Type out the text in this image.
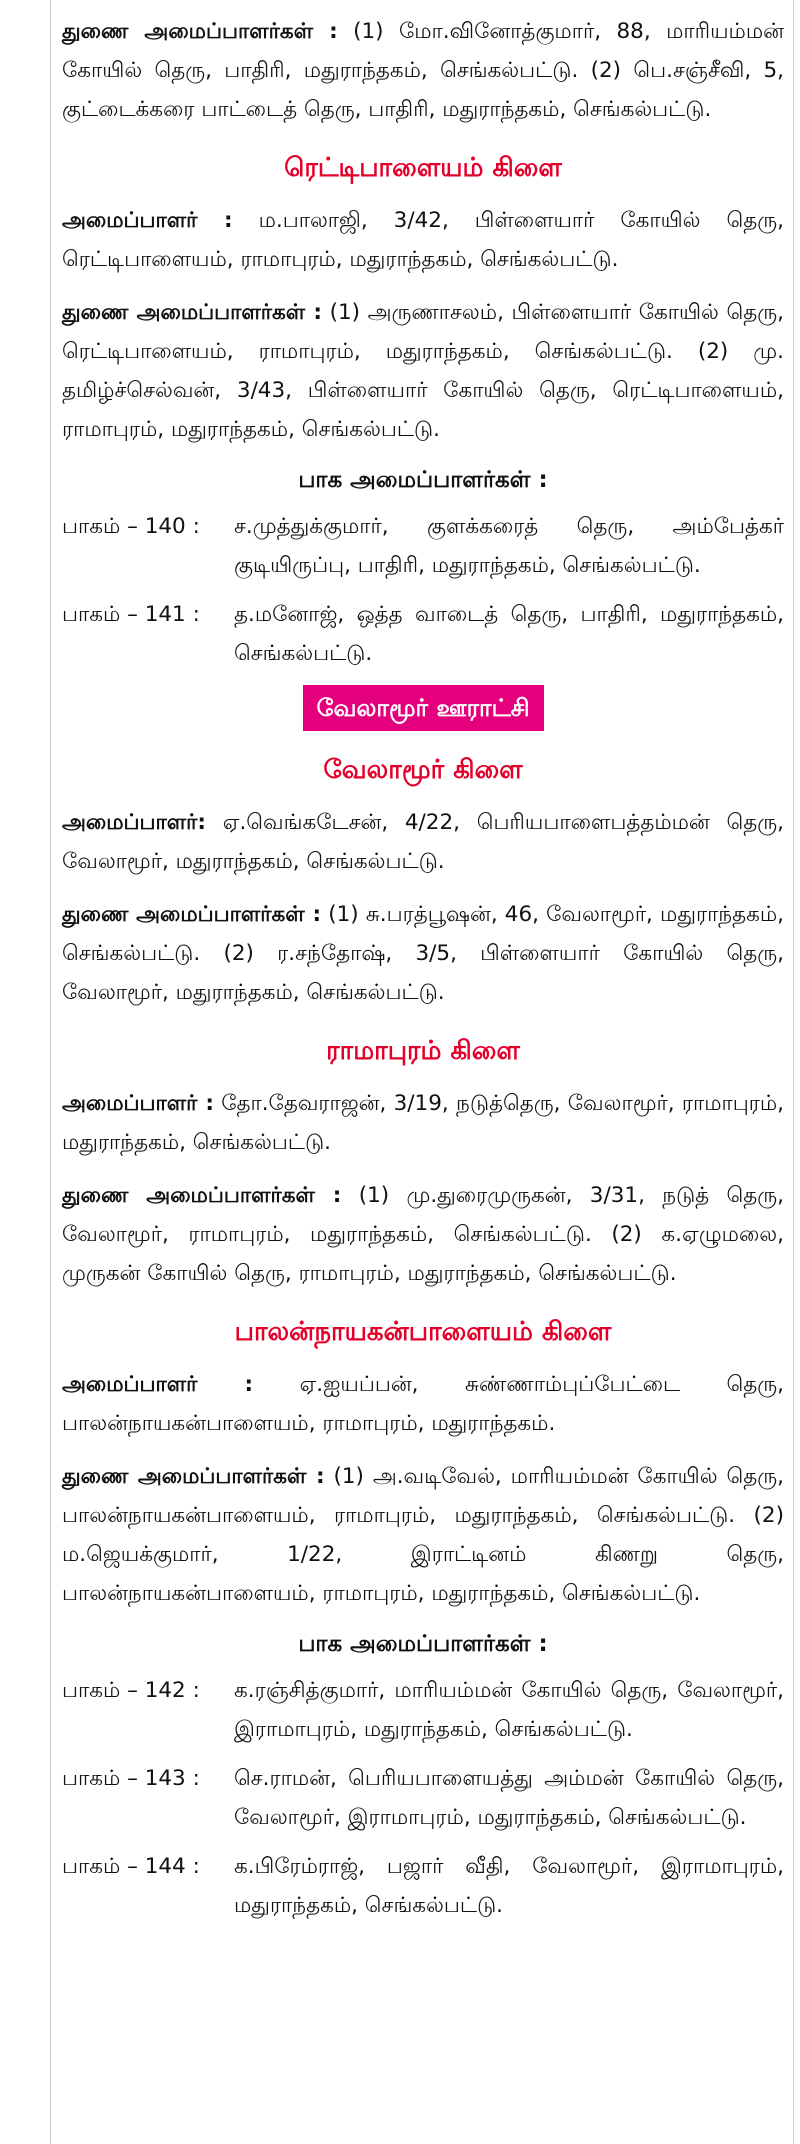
துணை அமைப்பாளர்கள் : (1) மோ.வினோத்குமார், 88, மாரியம்மன் கோயில் தெரு, பாதிரி, மதுராந்தகம், செங்கல்பட்டு. (2) பெ.சஞ்சீவி, 5, குட்டைக்கரை பாட்டைத் தெரு, பாதிரி, மதுராந்தகம், செங்கல்பட்டு.

ரெட்டிபாளையம் கிளை

அமைப்பாளர் : ம.பாலாஜி, 3/42, பிள்ளையார் கோயில் தெரு, ரெட்டிபாளையம், ராமாபுரம், மதுராந்தகம், செங்கல்பட்டு.

துணை அமைப்பாளர்கள் : (1) அருணாசலம், பிள்ளையார் கோயில் தெரு, ரெட்டிபாளையம், ராமாபுரம், மதுராந்தகம், செங்கல்பட்டு. (2) மு. தமிழ்ச்செல்வன், 3/43, பிள்ளையார் கோயில் தெரு, ரெட்டிபாளையம், ராமாபுரம், மதுராந்தகம், செங்கல்பட்டு.

பாக அமைப்பாளர்கள் :
பாகம் – 140 :	ச.முத்துக்குமார், குளக்கரைத் தெரு, அம்பேத்கர் குடியிருப்பு, பாதிரி, மதுராந்தகம், செங்கல்பட்டு.
பாகம் – 141 :	த.மனோஜ், ஒத்த வாடைத் தெரு, பாதிரி, மதுராந்தகம், செங்கல்பட்டு.
வேலாமூர் ஊராட்சி
வேலாமூர் கிளை

அமைப்பாளர்: ஏ.வெங்கடேசன், 4/22, பெரியபாளைபத்தம்மன் தெரு, வேலாமூர், மதுராந்தகம், செங்கல்பட்டு.

துணை அமைப்பாளர்கள் : (1) சு.பரத்பூஷன், 46, வேலாமூர், மதுராந்தகம், செங்கல்பட்டு. (2) ர.சந்தோஷ், 3/5, பிள்ளையார் கோயில் தெரு, வேலாமூர், மதுராந்தகம், செங்கல்பட்டு.

ராமாபுரம் கிளை

அமைப்பாளர் : தோ.தேவராஜன், 3/19, நடுத்தெரு, வேலாமூர், ராமாபுரம், மதுராந்தகம், செங்கல்பட்டு.

துணை அமைப்பாளர்கள் : (1) மு.துரைமுருகன், 3/31, நடுத் தெரு, வேலாமூர், ராமாபுரம், மதுராந்தகம், செங்கல்பட்டு. (2) க.ஏழுமலை, முருகன் கோயில் தெரு, ராமாபுரம், மதுராந்தகம், செங்கல்பட்டு.

பாலன்நாயகன்பாளையம் கிளை

அமைப்பாளர் : ஏ.ஐயப்பன், சுண்ணாம்புப்பேட்டை தெரு, பாலன்நாயகன்பாளையம், ராமாபுரம், மதுராந்தகம்.

துணை அமைப்பாளர்கள் : (1) அ.வடிவேல், மாரியம்மன் கோயில் தெரு, பாலன்நாயகன்பாளையம், ராமாபுரம், மதுராந்தகம், செங்கல்பட்டு. (2) ம.ஜெயக்குமார், 1/22, இராட்டினம் கிணறு தெரு, பாலன்நாயகன்பாளையம், ராமாபுரம், மதுராந்தகம், செங்கல்பட்டு.

பாக அமைப்பாளர்கள் :
பாகம் – 142 :	க.ரஞ்சித்குமார், மாரியம்மன் கோயில் தெரு, வேலாமூர், இராமாபுரம், மதுராந்தகம், செங்கல்பட்டு.
பாகம் – 143 :	செ.ராமன், பெரியபாளையத்து அம்மன் கோயில் தெரு, வேலாமூர், இராமாபுரம், மதுராந்தகம், செங்கல்பட்டு.
பாகம் – 144 :	க.பிரேம்ராஜ், பஜார் வீதி, வேலாமூர், இராமாபுரம், மதுராந்தகம், செங்கல்பட்டு.
